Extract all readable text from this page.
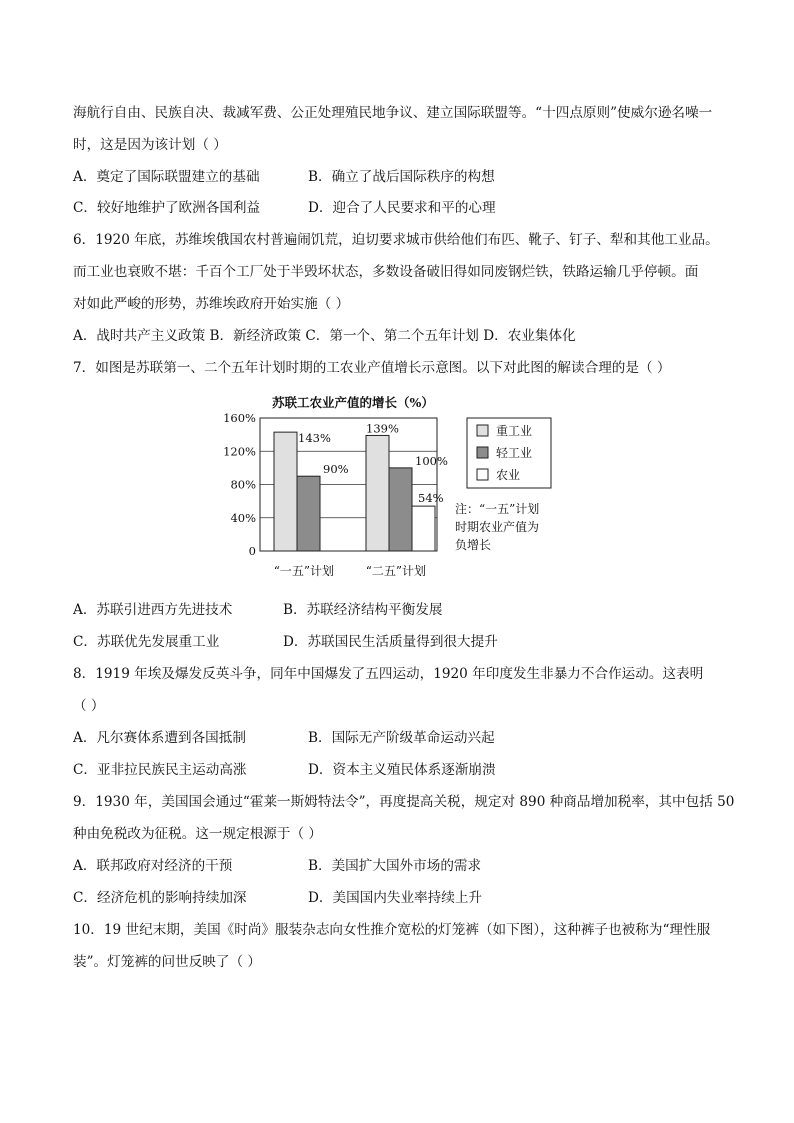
海航行自由、民族自决、裁减军费、公正处理殖民地争议、建立国际联盟等。“十四点原则”使威尔逊名噪一
时，这是因为该计划（ ）
A．奠定了国际联盟建立的基础	B．确立了战后国际秩序的构想
C．较好地维护了欧洲各国利益	D．迎合了人民要求和平的心理
6．1920 年底，苏维埃俄国农村普遍闹饥荒，迫切要求城市供给他们布匹、靴子、钉子、犁和其他工业品。
而工业也衰败不堪：千百个工厂处于半毁坏状态，多数设备破旧得如同废钢烂铁，铁路运输几乎停顿。面
对如此严峻的形势，苏维埃政府开始实施（ ）
A．战时共产主义政策 B．新经济政策 C．第一个、第二个五年计划 D．农业集体化
7．如图是苏联第一、二个五年计划时期的工农业产值增长示意图。以下对此图的解读合理的是（ ）
苏联工农业产值的增长（%）
0
40%
80%
120%
160%
143%
90%
139%
100%
54%
“一五”计划	“二五”计划
重工业
轻工业
农业
注：“一五”计划
时期农业产值为
负增长
A．苏联引进西方先进技术	B．苏联经济结构平衡发展
C．苏联优先发展重工业	D．苏联国民生活质量得到很大提升
8．1919 年埃及爆发反英斗争，同年中国爆发了五四运动，1920 年印度发生非暴力不合作运动。这表明
（ ）
A．凡尔赛体系遭到各国抵制	B．国际无产阶级革命运动兴起
C．亚非拉民族民主运动高涨	D．资本主义殖民体系逐渐崩溃
9．1930 年，美国国会通过“霍莱一斯姆特法令”，再度提高关税，规定对 890 种商品增加税率，其中包括 50
种由免税改为征税。这一规定根源于（ ）
A．联邦政府对经济的干预	B．美国扩大国外市场的需求
C．经济危机的影响持续加深	D．美国国内失业率持续上升
10．19 世纪末期，美国《时尚》服装杂志向女性推介宽松的灯笼裤（如下图），这种裤子也被称为“理性服
装”。灯笼裤的问世反映了（ ）
